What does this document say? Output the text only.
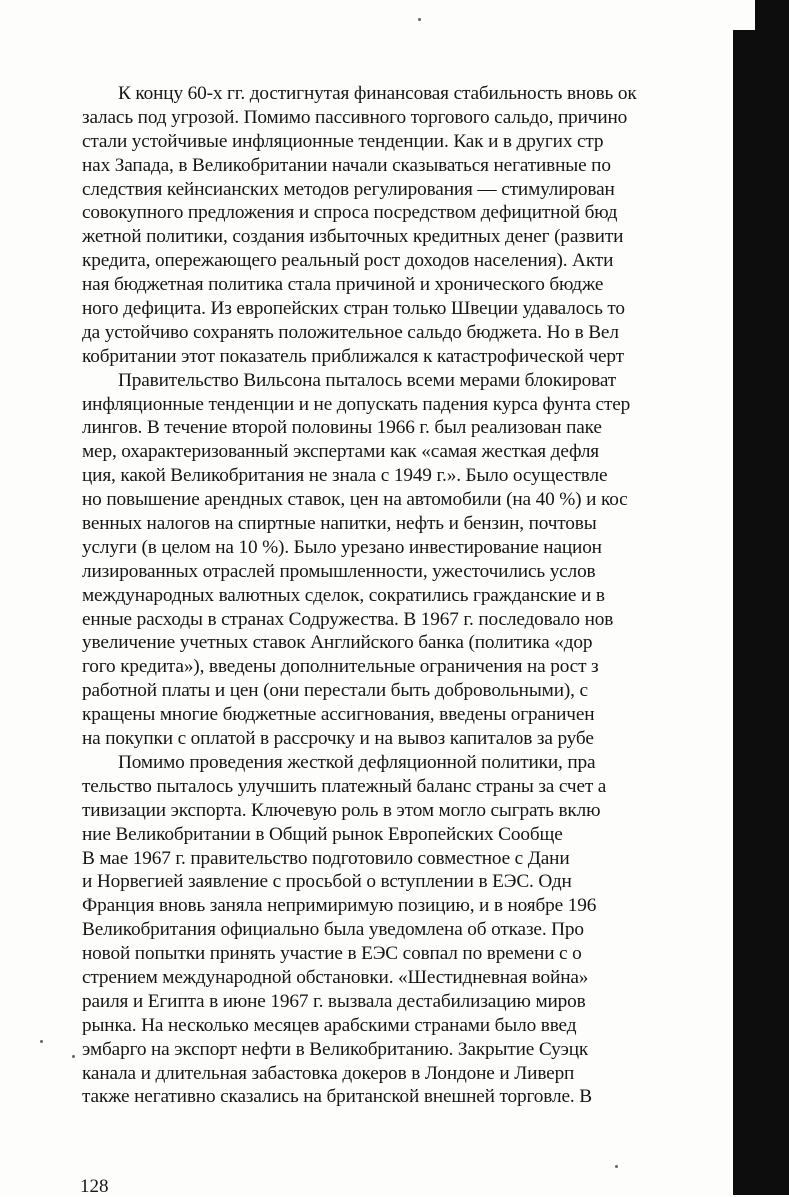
К концу 60-х гг. достигнутая финансовая стабильность вновь ок
залась под угрозой. Помимо пассивного торгового сальдо, причино
стали устойчивые инфляционные тенденции. Как и в других стр
нах Запада, в Великобритании начали сказываться негативные по
следствия кейнсианских методов регулирования — стимулирован
совокупного предложения и спроса посредством дефицитной бюд
жетной политики, создания избыточных кредитных денег (развити
кредита, опережающего реальный рост доходов населения). Акти
ная бюджетная политика стала причиной и хронического бюдже
ного дефицита. Из европейских стран только Швеции удавалось то
да устойчиво сохранять положительное сальдо бюджета. Но в Вел
кобритании этот показатель приближался к катастрофической черт
Правительство Вильсона пыталось всеми мерами блокироват
инфляционные тенденции и не допускать падения курса фунта стер
лингов. В течение второй половины 1966 г. был реализован паке
мер, охарактеризованный экспертами как «самая жесткая дефля
ция, какой Великобритания не знала с 1949 г.». Было осуществле
но повышение арендных ставок, цен на автомобили (на 40 %) и кос
венных налогов на спиртные напитки, нефть и бензин, почтовы
услуги (в целом на 10 %). Было урезано инвестирование национ
лизированных отраслей промышленности, ужесточились услов
международных валютных сделок, сократились гражданские и в
енные расходы в странах Содружества. В 1967 г. последовало нов
увеличение учетных ставок Английского банка (политика «дор
гого кредита»), введены дополнительные ограничения на рост з
работной платы и цен (они перестали быть добровольными), с
кращены многие бюджетные ассигнования, введены ограничен
на покупки с оплатой в рассрочку и на вывоз капиталов за рубе
Помимо проведения жесткой дефляционной политики, пра
тельство пыталось улучшить платежный баланс страны за счет а
тивизации экспорта. Ключевую роль в этом могло сыграть вклю
ние Великобритании в Общий рынок Европейских Сообще
В мае 1967 г. правительство подготовило совместное с Дани
и Норвегией заявление с просьбой о вступлении в ЕЭС. Одн
Франция вновь заняла непримиримую позицию, и в ноябре 196
Великобритания официально была уведомлена об отказе. Про
новой попытки принять участие в ЕЭС совпал по времени с о
стрением международной обстановки. «Шестидневная война»
раиля и Египта в июне 1967 г. вызвала дестабилизацию миров
рынка. На несколько месяцев арабскими странами было введ
эмбарго на экспорт нефти в Великобританию. Закрытие Суэцк
канала и длительная забастовка докеров в Лондоне и Ливерп
также негативно сказались на британской внешней торговле. В
128
